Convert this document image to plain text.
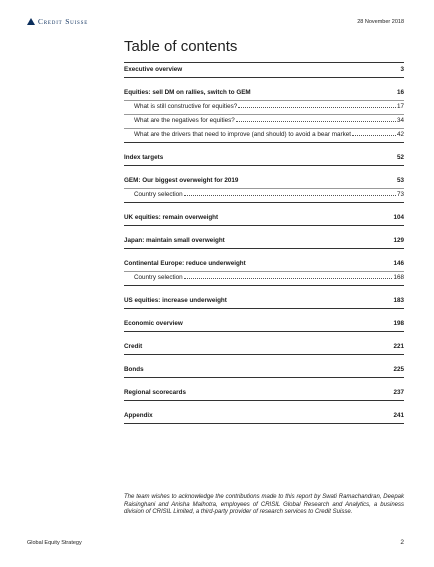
Credit Suisse	28 November 2018
Table of contents
Executive overview	3
Equities: sell DM on rallies, switch to GEM	16
What is still constructive for equities?	17
What are the negatives for equities?	34
What are the drivers that need to improve (and should) to avoid a bear market	42
Index targets	52
GEM: Our biggest overweight for 2019	53
Country selection	73
UK equities: remain overweight	104
Japan: maintain small overweight	129
Continental Europe: reduce underweight	146
Country selection	168
US equities: increase underweight	183
Economic overview	198
Credit	221
Bonds	225
Regional scorecards	237
Appendix	241

The team wishes to acknowledge the contributions made to this report by Swati Ramachandran, Deepak Raisinghani and Anisha Malhotra, employees of CRISIL Global Research and Analytics, a business division of CRISIL Limited, a third-party provider of research services to Credit Suisse.

Global Equity Strategy	2
